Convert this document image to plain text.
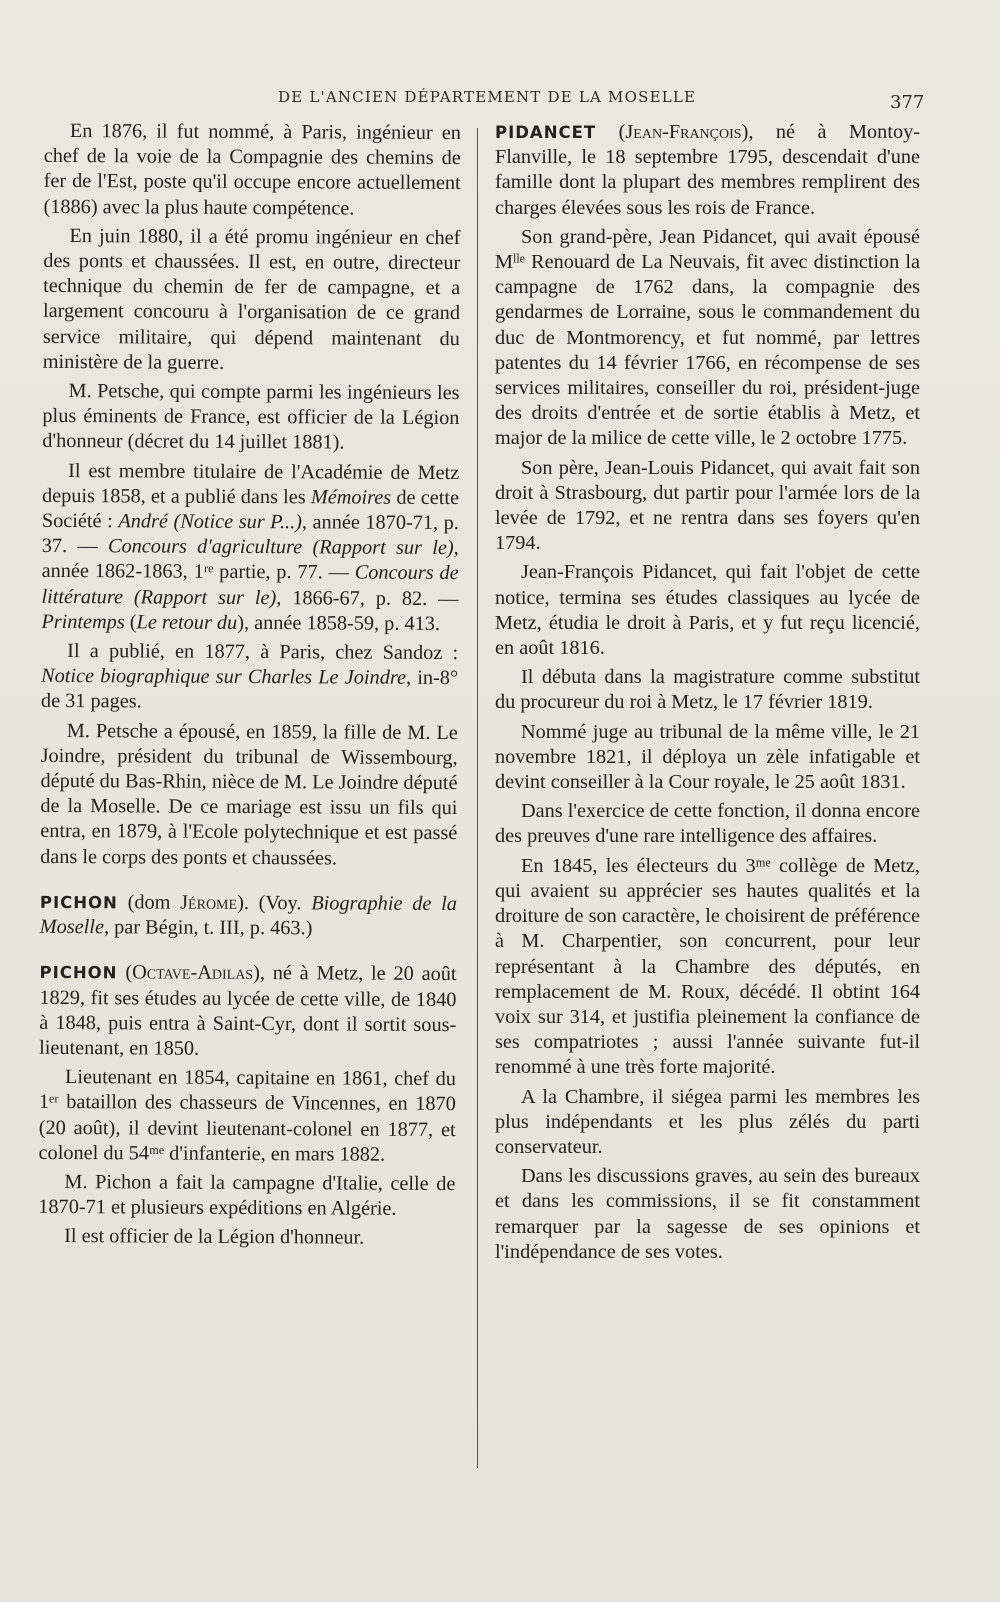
DE L'ANCIEN DÉPARTEMENT DE LA MOSELLE	377

En 1876, il fut nommé, à Paris, ingénieur en chef de la voie de la Compagnie des chemins de fer de l'Est, poste qu'il occupe encore actuellement (1886) avec la plus haute compétence.

En juin 1880, il a été promu ingénieur en chef des ponts et chaussées. Il est, en outre, directeur technique du chemin de fer de campagne, et a largement concouru à l'organisation de ce grand service militaire, qui dépend maintenant du ministère de la guerre.

M. Petsche, qui compte parmi les ingénieurs les plus éminents de France, est officier de la Légion d'honneur (décret du 14 juillet 1881).

Il est membre titulaire de l'Académie de Metz depuis 1858, et a publié dans les Mémoires de cette Société : André (Notice sur P...), année 1870-71, p. 37. — Concours d'agriculture (Rapport sur le), année 1862-1863, 1ʳᵉ partie, p. 77. — Concours de littérature (Rapport sur le), 1866-67, p. 82. — Printemps (Le retour du), année 1858-59, p. 413.

Il a publié, en 1877, à Paris, chez Sandoz : Notice biographique sur Charles Le Joindre, in-8° de 31 pages.

M. Petsche a épousé, en 1859, la fille de M. Le Joindre, président du tribunal de Wissembourg, député du Bas-Rhin, nièce de M. Le Joindre député de la Moselle. De ce mariage est issu un fils qui entra, en 1879, à l'Ecole polytechnique et est passé dans le corps des ponts et chaussées.

PICHON (dom Jérome). (Voy. Biographie de la Moselle, par Bégin, t. III, p. 463.)

PICHON (Octave-Adilas), né à Metz, le 20 août 1829, fit ses études au lycée de cette ville, de 1840 à 1848, puis entra à Saint-Cyr, dont il sortit sous-lieutenant, en 1850.

Lieutenant en 1854, capitaine en 1861, chef du 1ᵉʳ bataillon des chasseurs de Vincennes, en 1870 (20 août), il devint lieutenant-colonel en 1877, et colonel du 54ᵐᵉ d'infanterie, en mars 1882.

M. Pichon a fait la campagne d'Italie, celle de 1870-71 et plusieurs expéditions en Algérie.

Il est officier de la Légion d'honneur.

PIDANCET (Jean-François), né à Montoy-Flanville, le 18 septembre 1795, descendait d'une famille dont la plupart des membres remplirent des charges élevées sous les rois de France.

Son grand-père, Jean Pidancet, qui avait épousé Mˡˡᵉ Renouard de La Neuvais, fit avec distinction la campagne de 1762 dans, la compagnie des gendarmes de Lorraine, sous le commandement du duc de Montmorency, et fut nommé, par lettres patentes du 14 février 1766, en récompense de ses services militaires, conseiller du roi, président-juge des droits d'entrée et de sortie établis à Metz, et major de la milice de cette ville, le 2 octobre 1775.

Son père, Jean-Louis Pidancet, qui avait fait son droit à Strasbourg, dut partir pour l'armée lors de la levée de 1792, et ne rentra dans ses foyers qu'en 1794.

Jean-François Pidancet, qui fait l'objet de cette notice, termina ses études classiques au lycée de Metz, étudia le droit à Paris, et y fut reçu licencié, en août 1816.

Il débuta dans la magistrature comme substitut du procureur du roi à Metz, le 17 février 1819.

Nommé juge au tribunal de la même ville, le 21 novembre 1821, il déploya un zèle infatigable et devint conseiller à la Cour royale, le 25 août 1831.

Dans l'exercice de cette fonction, il donna encore des preuves d'une rare intelligence des affaires.

En 1845, les électeurs du 3ᵐᵉ collège de Metz, qui avaient su apprécier ses hautes qualités et la droiture de son caractère, le choisirent de préférence à M. Charpentier, son concurrent, pour leur représentant à la Chambre des députés, en remplacement de M. Roux, décédé. Il obtint 164 voix sur 314, et justifia pleinement la confiance de ses compatriotes ; aussi l'année suivante fut-il renommé à une très forte majorité.

A la Chambre, il siégea parmi les membres les plus indépendants et les plus zélés du parti conservateur.

Dans les discussions graves, au sein des bureaux et dans les commissions, il se fit constamment remarquer par la sagesse de ses opinions et l'indépendance de ses votes.
